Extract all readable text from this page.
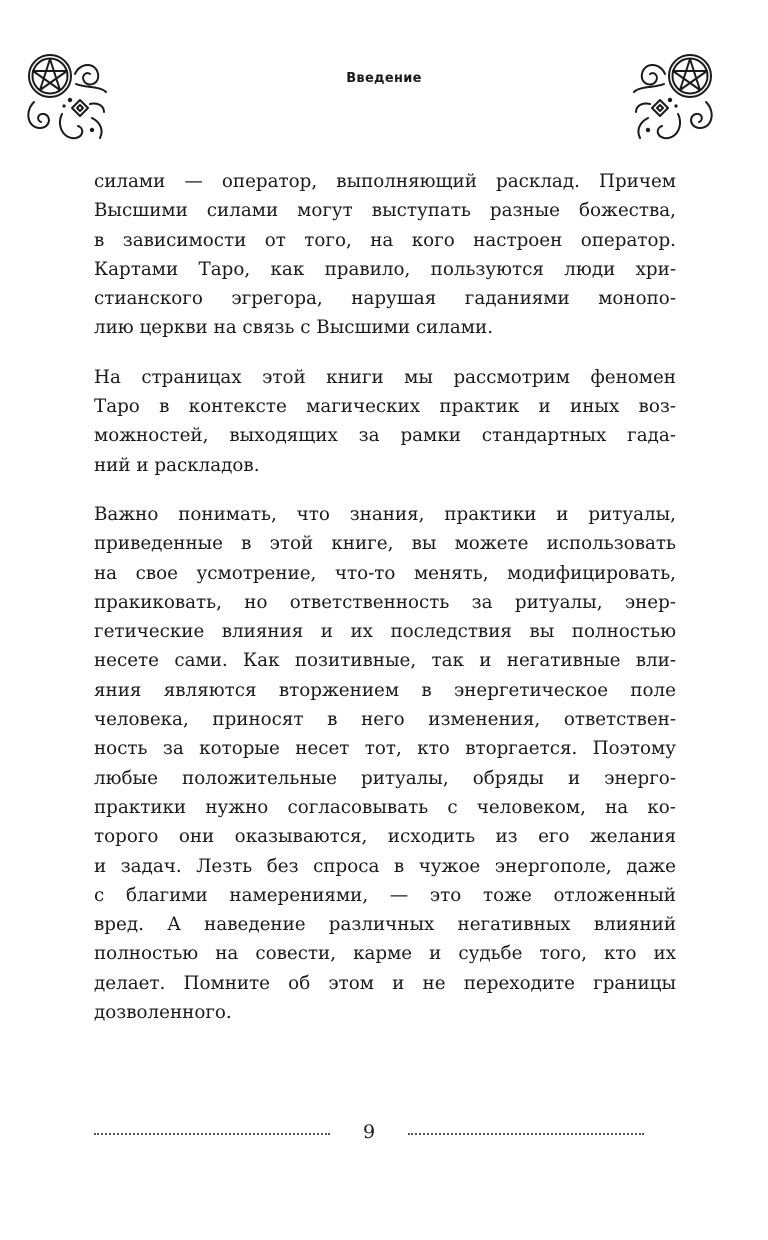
Введение

силами — оператор, выполняющий расклад. Причем
Высшими силами могут выступать разные божества,
в зависимости от того, на кого настроен оператор.
Картами Таро, как правило, пользуются люди хри-
стианского эгрегора, нарушая гаданиями монопо-
лию церкви на связь с Высшими силами.

На страницах этой книги мы рассмотрим феномен
Таро в контексте магических практик и иных воз-
можностей, выходящих за рамки стандартных гада-
ний и раскладов.

Важно понимать, что знания, практики и ритуалы,
приведенные в этой книге, вы можете использовать
на свое усмотрение, что-то менять, модифицировать,
пракиковать, но ответственность за ритуалы, энер-
гетические влияния и их последствия вы полностью
несете сами. Как позитивные, так и негативные вли-
яния являются вторжением в энергетическое поле
человека, приносят в него изменения, ответствен-
ность за которые несет тот, кто вторгается. Поэтому
любые положительные ритуалы, обряды и энерго-
практики нужно согласовывать с человеком, на ко-
торого они оказываются, исходить из его желания
и задач. Лезть без спроса в чужое энергополе, даже
с благими намерениями, — это тоже отложенный
вред. А наведение различных негативных влияний
полностью на совести, карме и судьбе того, кто их
делает. Помните об этом и не переходите границы
дозволенного.

9
